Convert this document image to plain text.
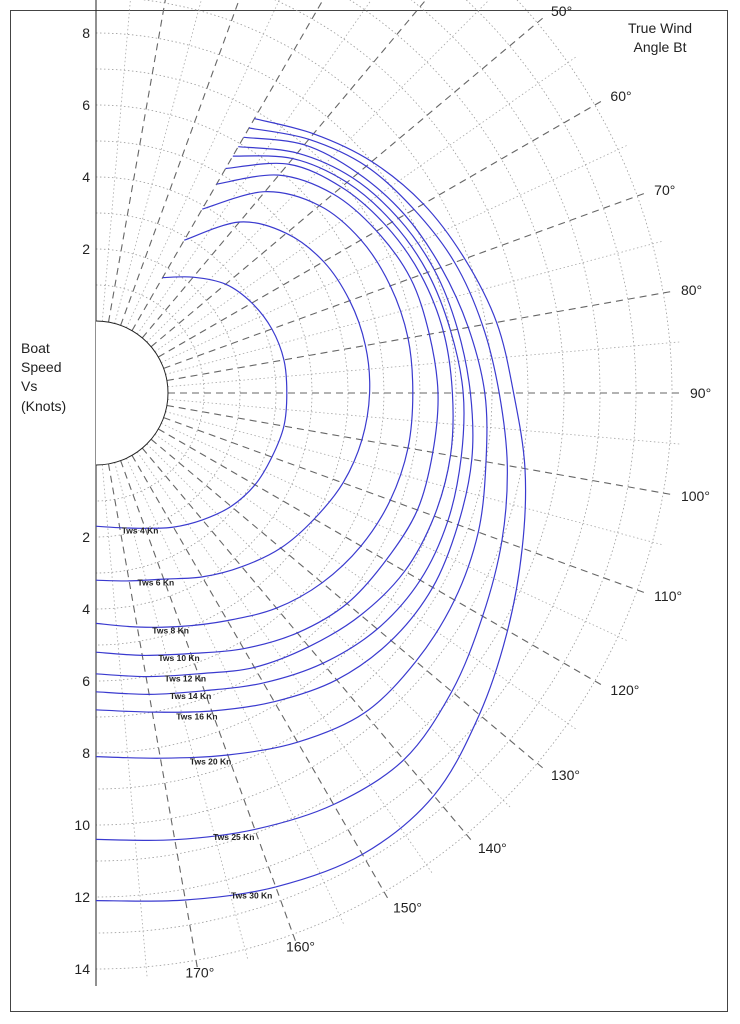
8
6
4
2
2
4
6
8
10
12
14
50°
60°
70°
80°
90°
100°
110°
120°
130°
140°
150°
160°
170°
Tws 4 Kn
Tws 6 Kn
Tws 8 Kn
Tws 10 Kn
Tws 12 Kn
Tws 14 Kn
Tws 16 Kn
Tws 20 Kn
Tws 25 Kn
Tws 30 Kn
True Wind
Angle Bt
Boat
Speed
Vs
(Knots)
